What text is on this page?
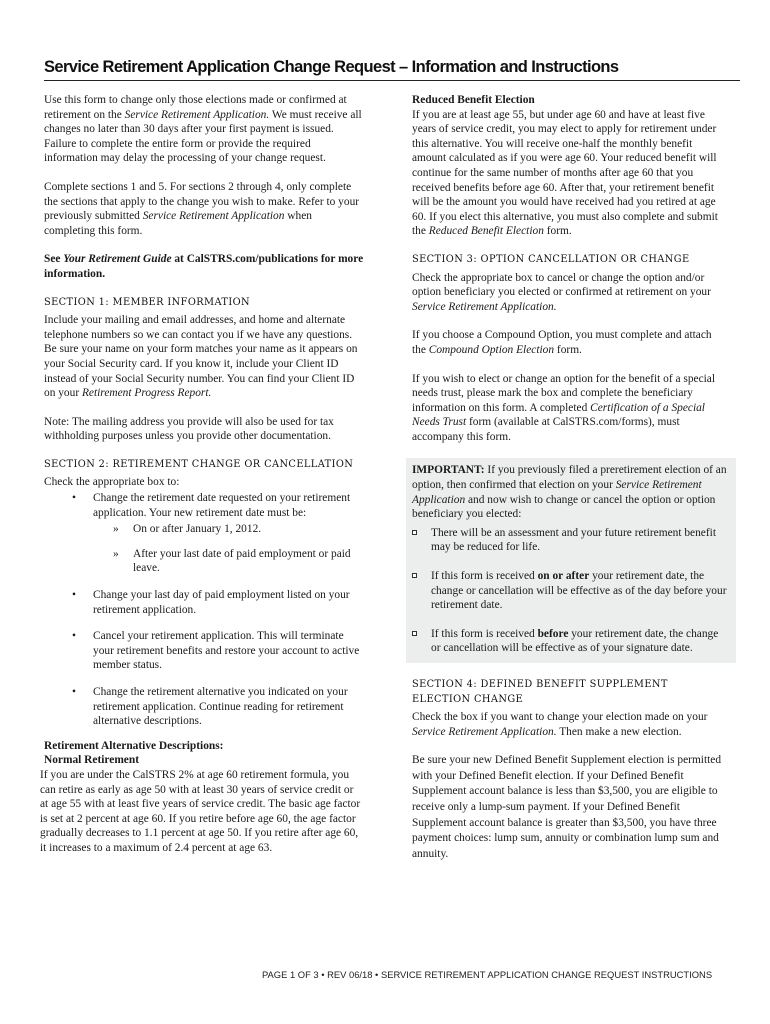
Service Retirement Application Change Request – Information and Instructions

Use this form to change only those elections made or confirmed at retirement on the Service Retirement Application. We must receive all changes no later than 30 days after your first payment is issued. Failure to complete the entire form or provide the required information may delay the processing of your change request.

Complete sections 1 and 5. For sections 2 through 4, only complete the sections that apply to the change you wish to make. Refer to your previously submitted Service Retirement Application when completing this form.

See Your Retirement Guide at CalSTRS.com/publications for more information.

SECTION 1: MEMBER INFORMATION

Include your mailing and email addresses, and home and alternate telephone numbers so we can contact you if we have any questions. Be sure your name on your form matches your name as it appears on your Social Security card. If you know it, include your Client ID instead of your Social Security number. You can find your Client ID on your Retirement Progress Report.

Note: The mailing address you provide will also be used for tax withholding purposes unless you provide other documentation.

SECTION 2: RETIREMENT CHANGE OR CANCELLATION
Check the appropriate box to:
• Change the retirement date requested on your retirement application. Your new retirement date must be:
» On or after January 1, 2012.
» After your last date of paid employment or paid leave.
• Change your last day of paid employment listed on your retirement application.
• Cancel your retirement application. This will terminate your retirement benefits and restore your account to active member status.
• Change the retirement alternative you indicated on your retirement application. Continue reading for retirement alternative descriptions.
Retirement Alternative Descriptions:
Normal Retirement
If you are under the CalSTRS 2% at age 60 retirement formula, you can retire as early as age 50 with at least 30 years of service credit or at age 55 with at least five years of service credit. The basic age factor is set at 2 percent at age 60. If you retire before age 60, the age factor gradually decreases to 1.1 percent at age 50. If you retire after age 60, it increases to a maximum of 2.4 percent at age 63.
Reduced Benefit Election

If you are at least age 55, but under age 60 and have at least five years of service credit, you may elect to apply for retirement under this alternative. You will receive one-half the monthly benefit amount calculated as if you were age 60. Your reduced benefit will continue for the same number of months after age 60 that you received benefits before age 60. After that, your retirement benefit will be the amount you would have received had you retired at age 60. If you elect this alternative, you must also complete and submit the Reduced Benefit Election form.

SECTION 3: OPTION CANCELLATION OR CHANGE

Check the appropriate box to cancel or change the option and/or option beneficiary you elected or confirmed at retirement on your Service Retirement Application.

If you choose a Compound Option, you must complete and attach the Compound Option Election form.

If you wish to elect or change an option for the benefit of a special needs trust, please mark the box and complete the beneficiary information on this form. A completed Certification of a Special Needs Trust form (available at CalSTRS.com/forms), must accompany this form.

IMPORTANT: If you previously filed a preretirement election of an option, then confirmed that election on your Service Retirement Application and now wish to change or cancel the option or option beneficiary you elected:
There will be an assessment and your future retirement benefit may be reduced for life.
If this form is received on or after your retirement date, the change or cancellation will be effective as of the day before your retirement date.
If this form is received before your retirement date, the change or cancellation will be effective as of your signature date.
SECTION 4: DEFINED BENEFIT SUPPLEMENT ELECTION CHANGE

Check the box if you want to change your election made on your Service Retirement Application. Then make a new election.

Be sure your new Defined Benefit Supplement election is permitted with your Defined Benefit election. If your Defined Benefit Supplement account balance is less than $3,500, you are eligible to receive only a lump-sum payment. If your Defined Benefit Supplement account balance is greater than $3,500, you have three payment choices: lump sum, annuity or combination lump sum and annuity.

PAGE 1 OF 3 • REV 06/18 • SERVICE RETIREMENT APPLICATION CHANGE REQUEST INSTRUCTIONS
